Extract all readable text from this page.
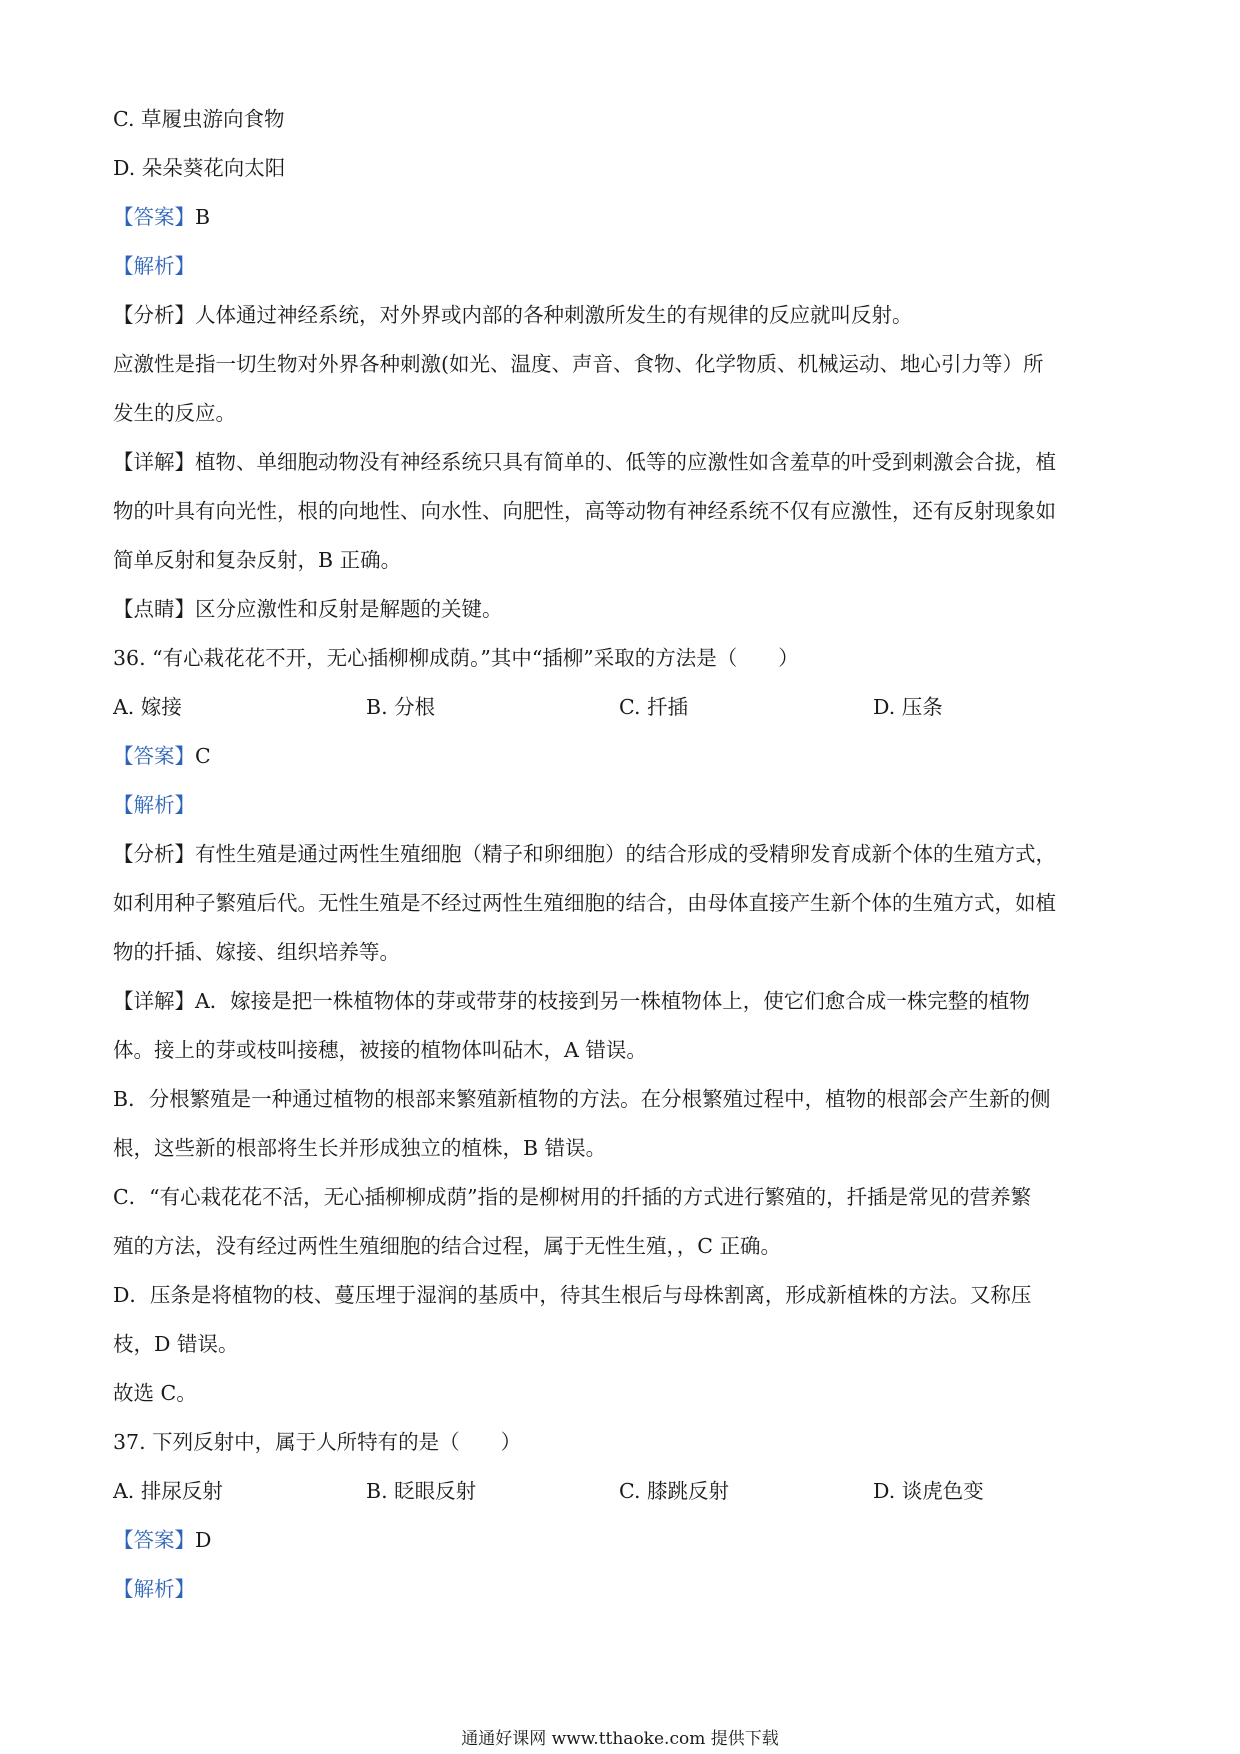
C. 草履虫游向食物
D. 朵朵葵花向太阳
【答案】B
【解析】
【分析】人体通过神经系统，对外界或内部的各种刺激所发生的有规律的反应就叫反射。
应激性是指一切生物对外界各种刺激(如光、温度、声音、食物、化学物质、机械运动、地心引力等）所
发生的反应。
【详解】植物、单细胞动物没有神经系统只具有简单的、低等的应激性如含羞草的叶受到刺激会合拢，植
物的叶具有向光性，根的向地性、向水性、向肥性，高等动物有神经系统不仅有应激性，还有反射现象如
简单反射和复杂反射，B 正确。
【点睛】区分应激性和反射是解题的关键。
36. “有心栽花花不开，无心插柳柳成荫。”其中“插柳”采取的方法是（　　）
A. 嫁接	B. 分根	C. 扦插	D. 压条
【答案】C
【解析】
【分析】有性生殖是通过两性生殖细胞（精子和卵细胞）的结合形成的受精卵发育成新个体的生殖方式，
如利用种子繁殖后代。无性生殖是不经过两性生殖细胞的结合，由母体直接产生新个体的生殖方式，如植
物的扦插、嫁接、组织培养等。
【详解】A．嫁接是把一株植物体的芽或带芽的枝接到另一株植物体上，使它们愈合成一株完整的植物
体。接上的芽或枝叫接穗，被接的植物体叫砧木，A 错误。
B．分根繁殖是一种通过植物的根部来繁殖新植物的方法。在分根繁殖过程中，植物的根部会产生新的侧
根，这些新的根部将生长并形成独立的植株，B 错误。
C．“有心栽花花不活，无心插柳柳成荫”指的是柳树用的扦插的方式进行繁殖的，扦插是常见的营养繁
殖的方法，没有经过两性生殖细胞的结合过程，属于无性生殖，，C 正确。
D．压条是将植物的枝、蔓压埋于湿润的基质中，待其生根后与母株割离，形成新植株的方法。又称压
枝，D 错误。
故选 C。
37. 下列反射中，属于人所特有的是（　　）
A. 排尿反射	B. 眨眼反射	C. 膝跳反射	D. 谈虎色变
【答案】D
【解析】
通通好课网 www.tthaoke.com 提供下载
